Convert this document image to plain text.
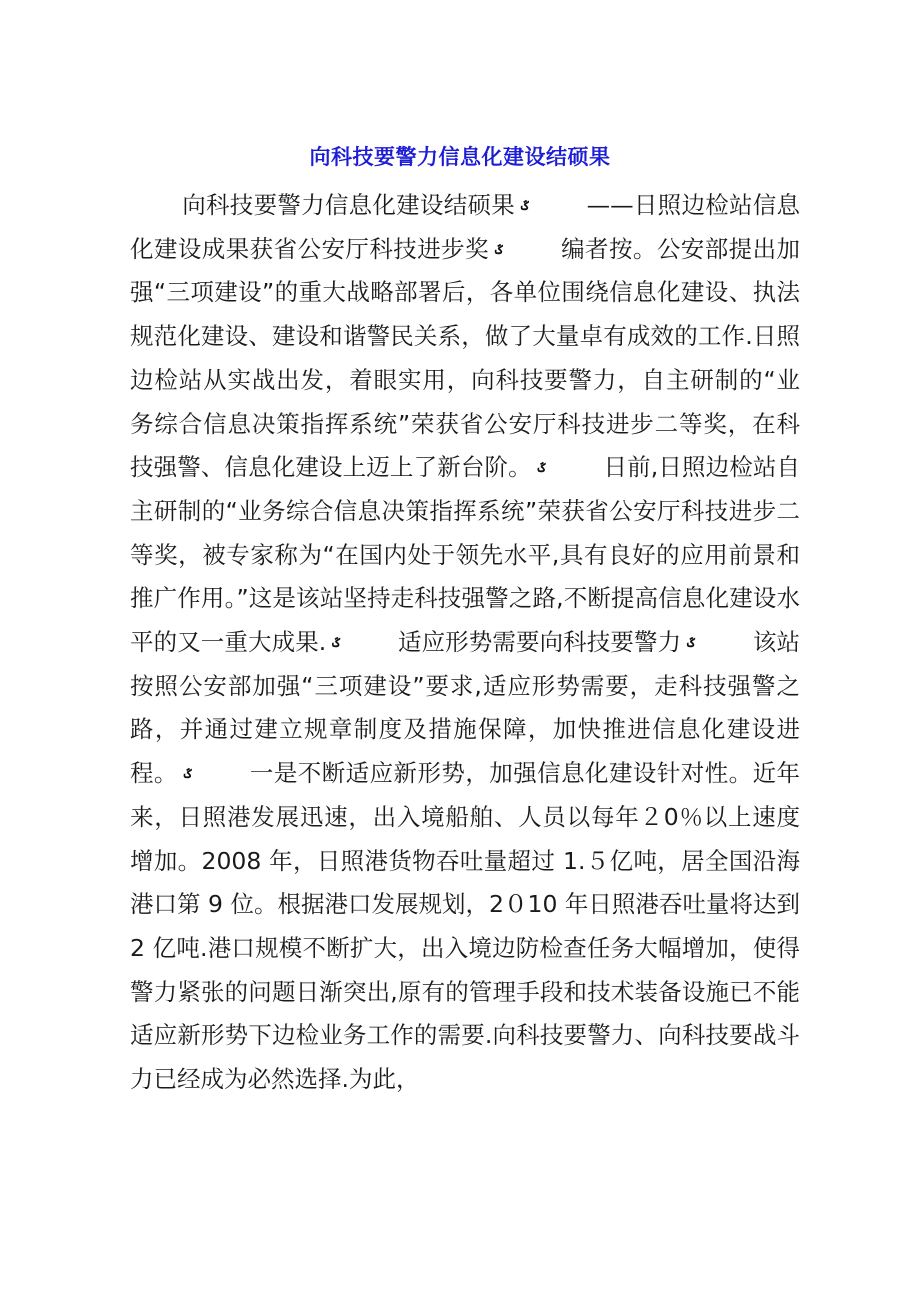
向科技要警力信息化建设结硕果

向科技要警力信息化建设结硕果 ػ ——日照边检站信息化建设成果获省公安厅科技进步奖 ػ 编者按。公安部提出加强“三项建设”的重大战略部署后，各单位围绕信息化建设、执法规范化建设、建设和谐警民关系，做了大量卓有成效的工作.日照边检站从实战出发，着眼实用，向科技要警力，自主研制的“业务综合信息决策指挥系统”荣获省公安厅科技进步二等奖，在科技强警、信息化建设上迈上了新台阶。 ػ 日前,日照边检站自主研制的“业务综合信息决策指挥系统”荣获省公安厅科技进步二等奖，被专家称为“在国内处于领先水平,具有良好的应用前景和推广作用。”这是该站坚持走科技强警之路,不断提高信息化建设水平的又一重大成果. ػ 适应形势需要向科技要警力 ػ 该站按照公安部加强“三项建设”要求,适应形势需要，走科技强警之路，并通过建立规章制度及措施保障，加快推进信息化建设进程。 ػ 一是不断适应新形势，加强信息化建设针对性。近年来，日照港发展迅速，出入境船舶、人员以每年２0％以上速度增加。2008 年，日照港货物吞吐量超过 1.５亿吨，居全国沿海港口第 9 位。根据港口发展规划，2０10 年日照港吞吐量将达到 2 亿吨.港口规模不断扩大，出入境边防检查任务大幅增加，使得警力紧张的问题日渐突出,原有的管理手段和技术装备设施已不能适应新形势下边检业务工作的需要.向科技要警力、向科技要战斗力已经成为必然选择.为此，
